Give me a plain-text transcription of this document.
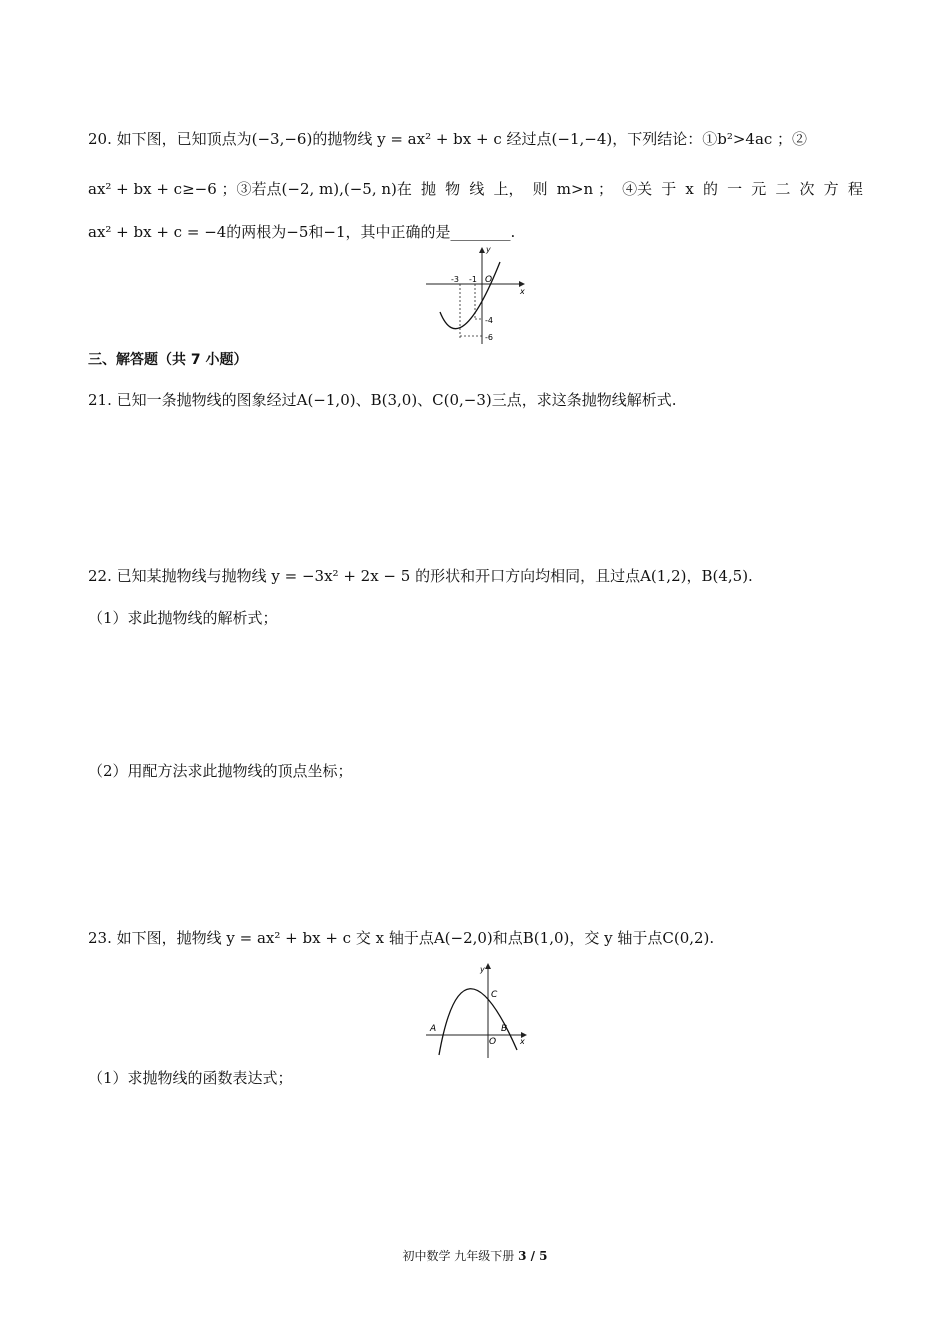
20. 如下图，已知顶点为(−3,−6)的抛物线 y = ax² + bx + c 经过点(−1,−4)，下列结论：①b²>4ac ；②
ax² + bx + c≥−6 ；③若点(−2, m),(−5, n)在 抛 物 线 上， 则 m>n ； ④关 于 x 的 一 元 二 次 方 程
ax² + bx + c = −4的两根为−5和−1，其中正确的是________.
y
x
O
-3 -1
-4
-6
三、解答题（共 7 小题）
21. 已知一条抛物线的图象经过A(−1,0)、B(3,0)、C(0,−3)三点，求这条抛物线解析式.
22. 已知某抛物线与抛物线 y = −3x² + 2x − 5 的形状和开口方向均相同，且过点A(1,2)，B(4,5).
（1）求此抛物线的解析式；
（2）用配方法求此抛物线的顶点坐标；
23. 如下图，抛物线 y = ax² + bx + c 交 x 轴于点A(−2,0)和点B(1,0)，交 y 轴于点C(0,2).
y
x
O
A	B
C
（1）求抛物线的函数表达式；
初中数学 九年级下册 3 / 5
